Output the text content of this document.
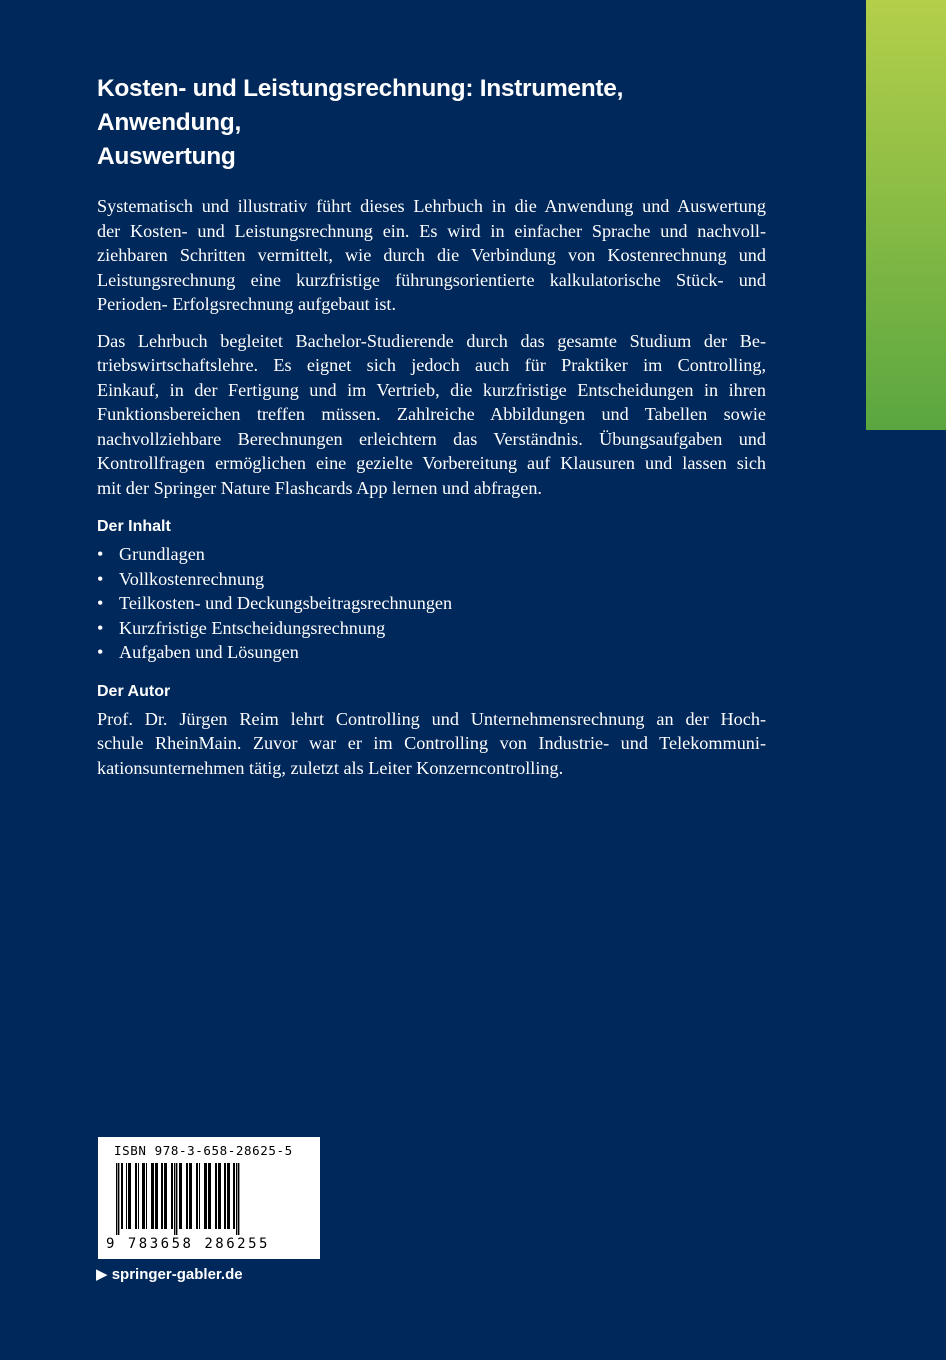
Kosten- und Leistungsrechnung: Instrumente, Anwendung,
Auswertung
Systematisch und illustrativ führt dieses Lehrbuch in die Anwendung und Auswertung
der Kosten- und Leistungsrechnung ein. Es wird in einfacher Sprache und nachvoll-
ziehbaren Schritten vermittelt, wie durch die Verbindung von Kostenrechnung und
Leistungsrechnung eine kurzfristige führungsorientierte kalkulatorische Stück- und
Perioden- Erfolgsrechnung aufgebaut ist.
Das Lehrbuch begleitet Bachelor-Studierende durch das gesamte Studium der Be-
triebswirtschaftslehre. Es eignet sich jedoch auch für Praktiker im Controlling,
Einkauf, in der Fertigung und im Vertrieb, die kurzfristige Entscheidungen in ihren
Funktionsbereichen treffen müssen. Zahlreiche Abbildungen und Tabellen sowie
nachvollziehbare Berechnungen erleichtern das Verständnis. Übungsaufgaben und
Kontrollfragen ermöglichen eine gezielte Vorbereitung auf Klausuren und lassen sich
mit der Springer Nature Flashcards App lernen und abfragen.
Der Inhalt
• Grundlagen
• Vollkostenrechnung
• Teilkosten- und Deckungsbeitragsrechnungen
• Kurzfristige Entscheidungsrechnung
• Aufgaben und Lösungen
Der Autor
Prof. Dr. Jürgen Reim lehrt Controlling und Unternehmensrechnung an der Hoch-
schule RheinMain. Zuvor war er im Controlling von Industrie- und Telekommuni-
kationsunternehmen tätig, zuletzt als Leiter Konzerncontrolling.
ISBN 978-3-658-28625-5
9 783658 286255
▶ springer-gabler.de
